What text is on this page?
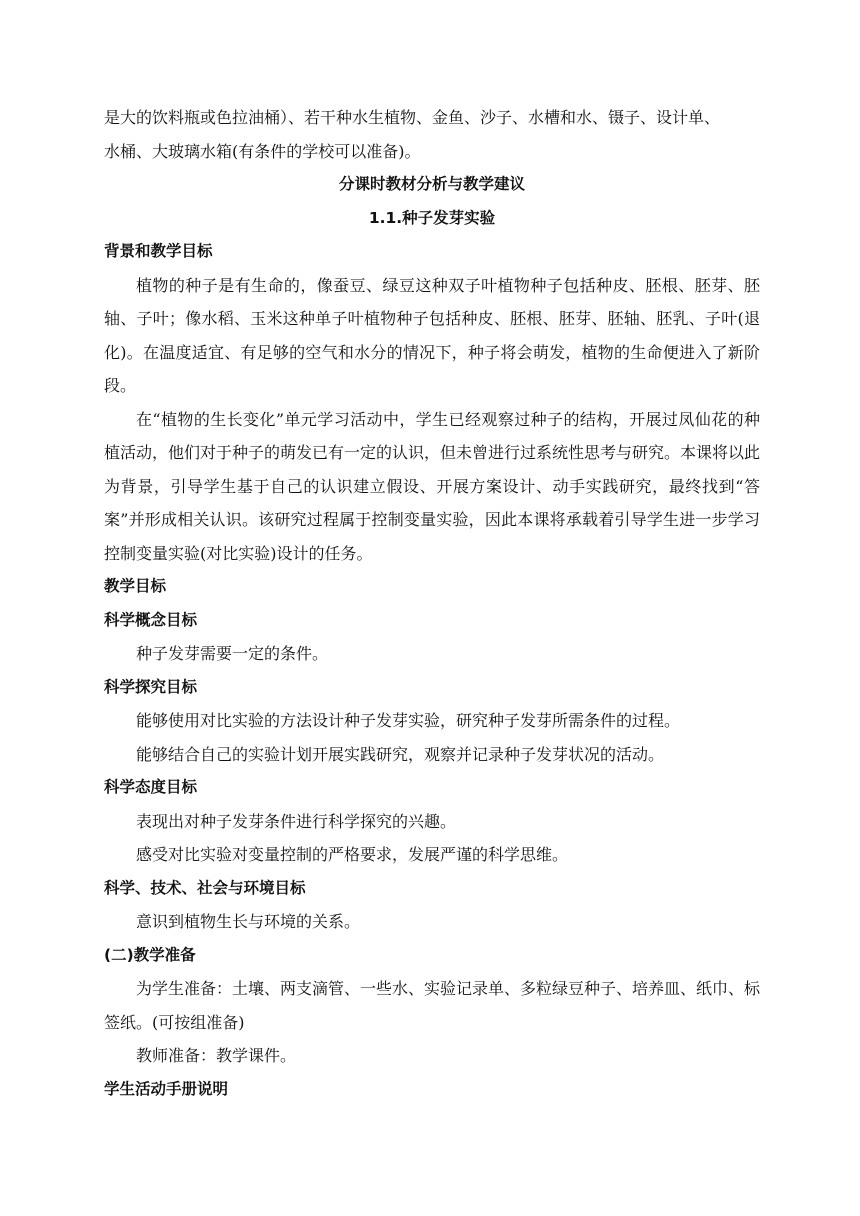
是大的饮料瓶或色拉油桶）、若干种水生植物、金鱼、沙子、水槽和水、镊子、设计单、

水桶、大玻璃水箱(有条件的学校可以准备)。

分课时教材分析与教学建议

1.1.种子发芽实验

背景和教学目标

植物的种子是有生命的，像蚕豆、绿豆这种双子叶植物种子包括种皮、胚根、胚芽、胚轴、子叶；像水稻、玉米这种单子叶植物种子包括种皮、胚根、胚芽、胚轴、胚乳、子叶(退化)。在温度适宜、有足够的空气和水分的情况下，种子将会萌发，植物的生命便进入了新阶段。

在“植物的生长变化”单元学习活动中，学生已经观察过种子的结构，开展过凤仙花的种植活动，他们对于种子的萌发已有一定的认识，但未曾进行过系统性思考与研究。本课将以此为背景，引导学生基于自己的认识建立假设、开展方案设计、动手实践研究，最终找到“答案”并形成相关认识。该研究过程属于控制变量实验，因此本课将承载着引导学生进一步学习控制变量实验(对比实验)设计的任务。

教学目标

科学概念目标

种子发芽需要一定的条件。

科学探究目标

能够使用对比实验的方法设计种子发芽实验，研究种子发芽所需条件的过程。

能够结合自己的实验计划开展实践研究，观察并记录种子发芽状况的活动。

科学态度目标

表现出对种子发芽条件进行科学探究的兴趣。

感受对比实验对变量控制的严格要求，发展严谨的科学思维。

科学、技术、社会与环境目标

意识到植物生长与环境的关系。

(二)教学准备

为学生准备：土壤、两支滴管、一些水、实验记录单、多粒绿豆种子、培养皿、纸巾、标签纸。(可按组准备)

教师准备：教学课件。

学生活动手册说明
